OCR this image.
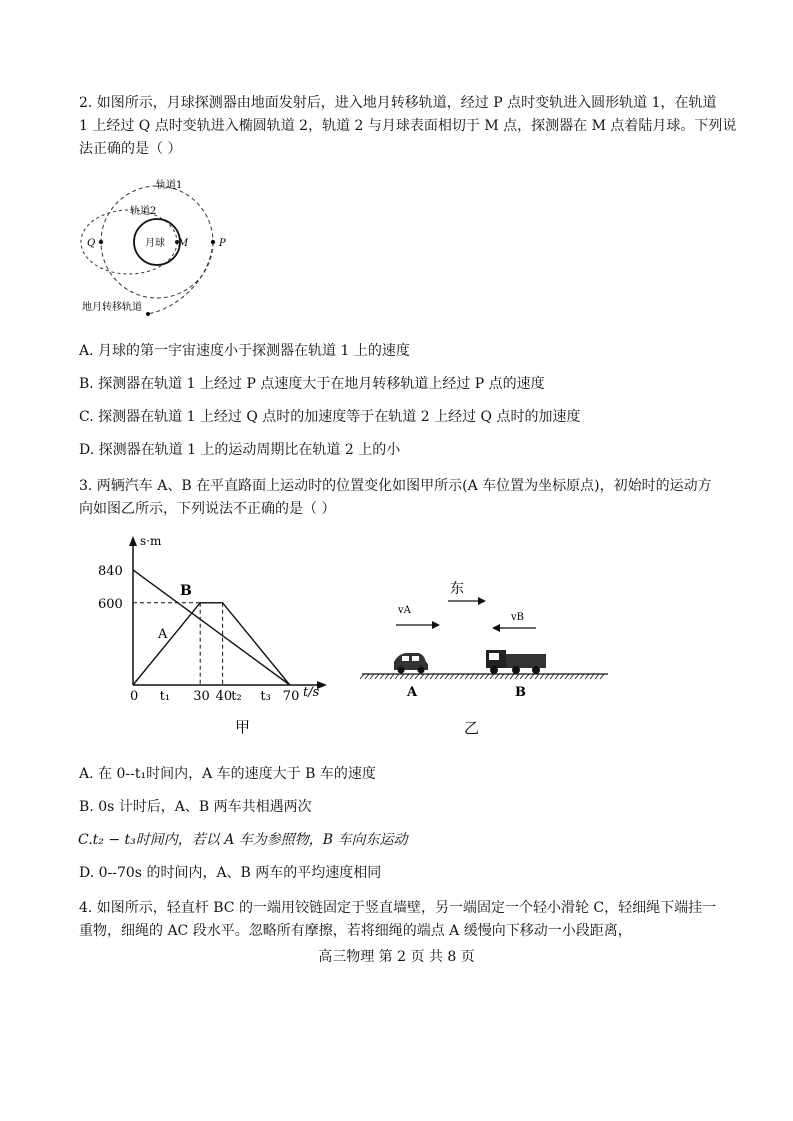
2. 如图所示，月球探测器由地面发射后，进入地月转移轨道，经过 P 点时变轨进入圆形轨道 1，在轨道

1 上经过 Q 点时变轨进入椭圆轨道 2，轨道 2 与月球表面相切于 M 点，探测器在 M 点着陆月球。下列说

法正确的是（ ）

轨道1
轨道2
月球 M
Q	P
地月转移轨道
A. 月球的第一宇宙速度小于探测器在轨道 1 上的速度
B. 探测器在轨道 1 上经过 P 点速度大于在地月转移轨道上经过 P 点的速度
C. 探测器在轨道 1 上经过 Q 点时的加速度等于在轨道 2 上经过 Q 点时的加速度
D. 探测器在轨道 1 上的运动周期比在轨道 2 上的小

3. 两辆汽车 A、B 在平直路面上运动时的位置变化如图甲所示(A 车位置为坐标原点)，初始时的运动方

向如图乙所示，下列说法不正确的是（ ）

s·m
t/s
840
600
0 t₁ 30 40 t₂ t₃ 70
A
B
甲
东
vA
vB
A	B
乙
A. 在 0--t₁时间内，A 车的速度大于 B 车的速度
B. 0s 计时后，A、B 两车共相遇两次
C.t₂ − t₃时间内，若以 A 车为参照物，B 车向东运动
D. 0--70s 的时间内，A、B 两车的平均速度相同

4. 如图所示，轻直杆 BC 的一端用铰链固定于竖直墙壁，另一端固定一个轻小滑轮 C，轻细绳下端挂一

重物，细绳的 AC 段水平。忽略所有摩擦，若将细绳的端点 A 缓慢向下移动一小段距离，

高三物理 第 2 页 共 8 页
